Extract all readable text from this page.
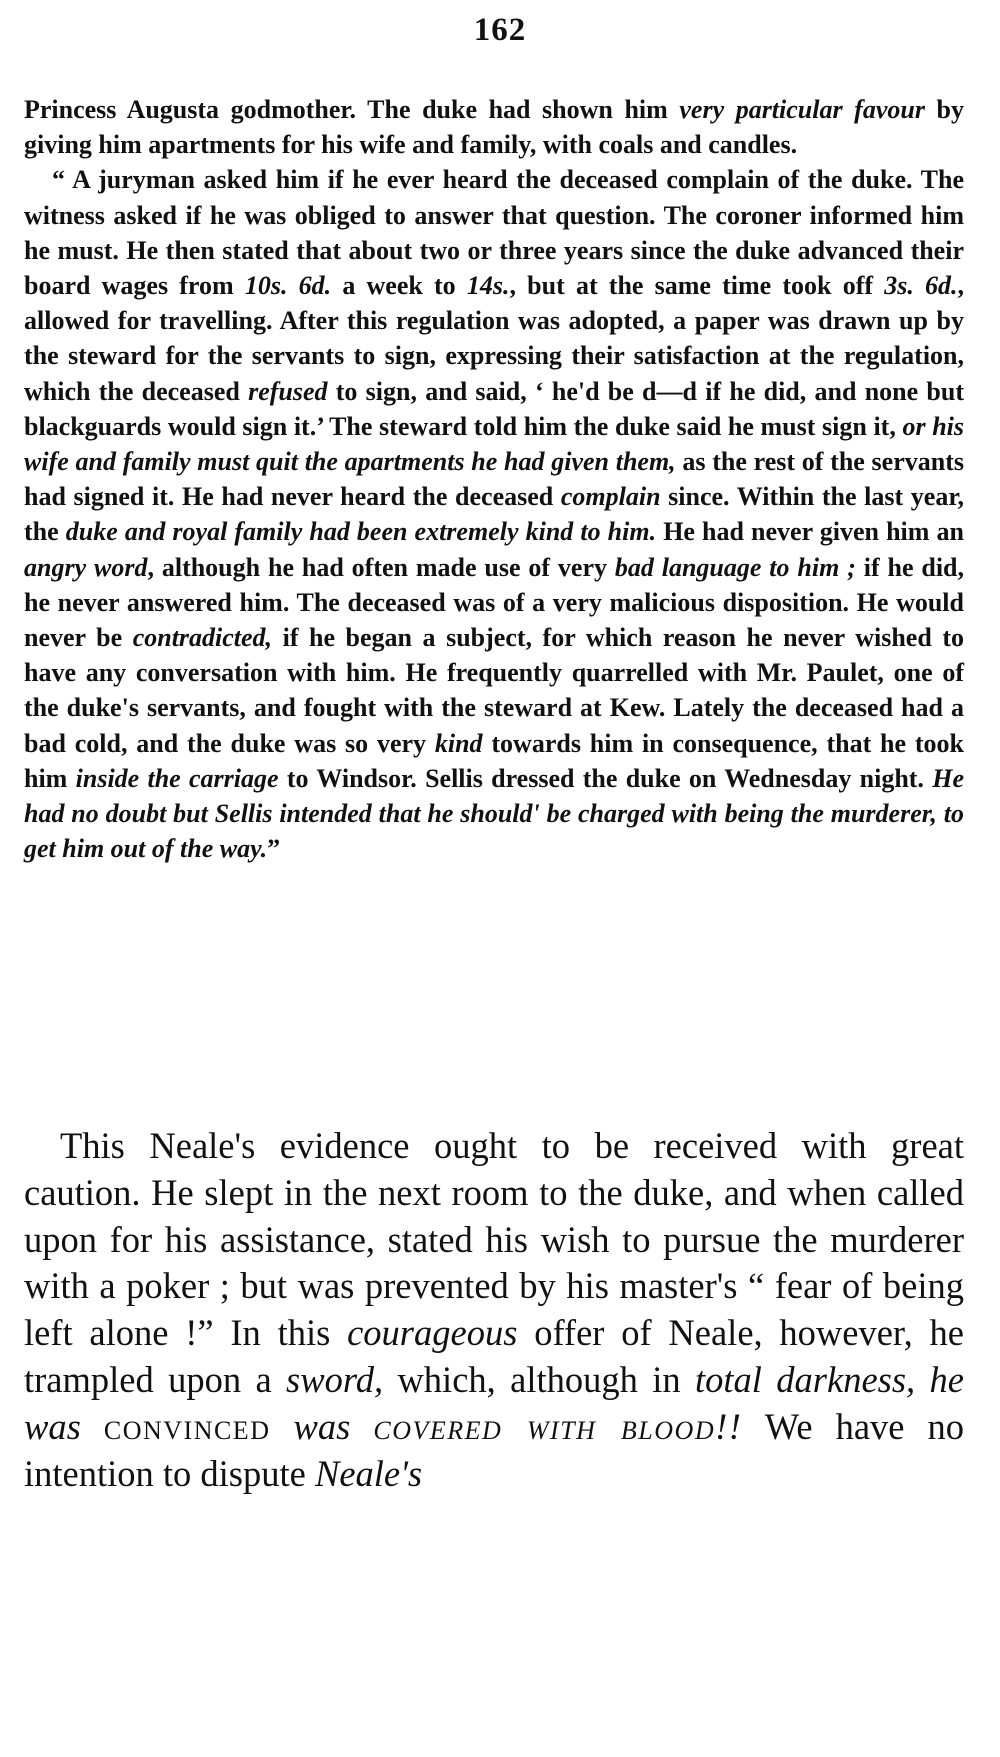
162

Princess Augusta godmother. The duke had shown him very particular favour by giving him apartments for his wife and family, with coals and candles.

“ A juryman asked him if he ever heard the deceased complain of the duke. The witness asked if he was obliged to answer that question. The coroner informed him he must. He then stated that about two or three years since the duke advanced their board wages from 10s. 6d. a week to 14s., but at the same time took off 3s. 6d., allowed for travelling. After this regulation was adopted, a paper was drawn up by the steward for the servants to sign, expressing their satisfaction at the regulation, which the deceased refused to sign, and said, ‘ he'd be d—d if he did, and none but blackguards would sign it.’ The steward told him the duke said he must sign it, or his wife and family must quit the apartments he had given them, as the rest of the servants had signed it. He had never heard the deceased complain since. Within the last year, the duke and royal family had been extremely kind to him. He had never given him an angry word, although he had often made use of very bad language to him ; if he did, he never answered him. The deceased was of a very malicious disposition. He would never be contradicted, if he began a subject, for which reason he never wished to have any conversation with him. He frequently quarrelled with Mr. Paulet, one of the duke's servants, and fought with the steward at Kew. Lately the deceased had a bad cold, and the duke was so very kind towards him in consequence, that he took him inside the carriage to Windsor. Sellis dressed the duke on Wednesday night. He had no doubt but Sellis intended that he should' be charged with being the murderer, to get him out of the way.”

This Neale's evidence ought to be received with great caution. He slept in the next room to the duke, and when called upon for his assistance, stated his wish to pursue the murderer with a poker ; but was prevented by his master's “ fear of being left alone !” In this courageous offer of Neale, however, he trampled upon a sword, which, although in total darkness, he was convinced was covered with blood!! We have no intention to dispute Neale's
